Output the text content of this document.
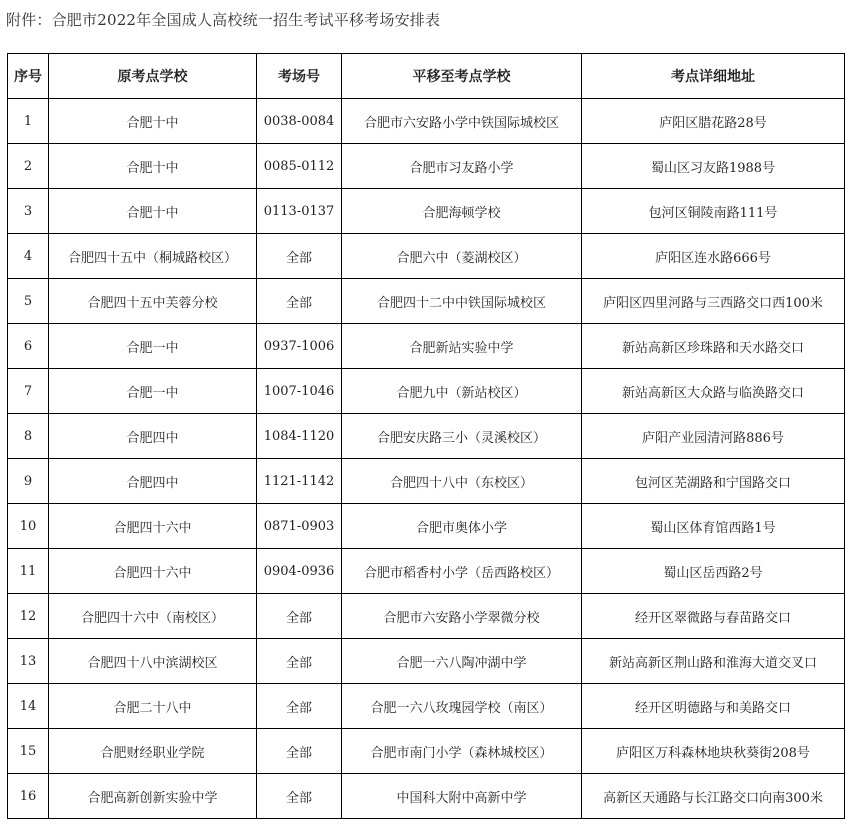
附件：合肥市2022年全国成人高校统一招生考试平移考场安排表
序号	原考点学校	考场号	平移至考点学校	考点详细地址
1	合肥十中	0038-0084	合肥市六安路小学中铁国际城校区	庐阳区腊花路28号
2	合肥十中	0085-0112	合肥市习友路小学	蜀山区习友路1988号
3	合肥十中	0113-0137	合肥海顿学校	包河区铜陵南路111号
4	合肥四十五中（桐城路校区）	全部	合肥六中（菱湖校区）	庐阳区连水路666号
5	合肥四十五中芙蓉分校	全部	合肥四十二中中铁国际城校区	庐阳区四里河路与三西路交口西100米
6	合肥一中	0937-1006	合肥新站实验中学	新站高新区珍珠路和天水路交口
7	合肥一中	1007-1046	合肥九中（新站校区）	新站高新区大众路与临涣路交口
8	合肥四中	1084-1120	合肥安庆路三小（灵溪校区）	庐阳产业园清河路886号
9	合肥四中	1121-1142	合肥四十八中（东校区）	包河区芜湖路和宁国路交口
10	合肥四十六中	0871-0903	合肥市奥体小学	蜀山区体育馆西路1号
11	合肥四十六中	0904-0936	合肥市稻香村小学（岳西路校区）	蜀山区岳西路2号
12	合肥四十六中（南校区）	全部	合肥市六安路小学翠微分校	经开区翠微路与春苗路交口
13	合肥四十八中滨湖校区	全部	合肥一六八陶冲湖中学	新站高新区荆山路和淮海大道交叉口
14	合肥二十八中	全部	合肥一六八玫瑰园学校（南区）	经开区明德路与和美路交口
15	合肥财经职业学院	全部	合肥市南门小学（森林城校区）	庐阳区万科森林地块秋葵街208号
16	合肥高新创新实验中学	全部	中国科大附中高新中学	高新区天通路与长江路交口向南300米
